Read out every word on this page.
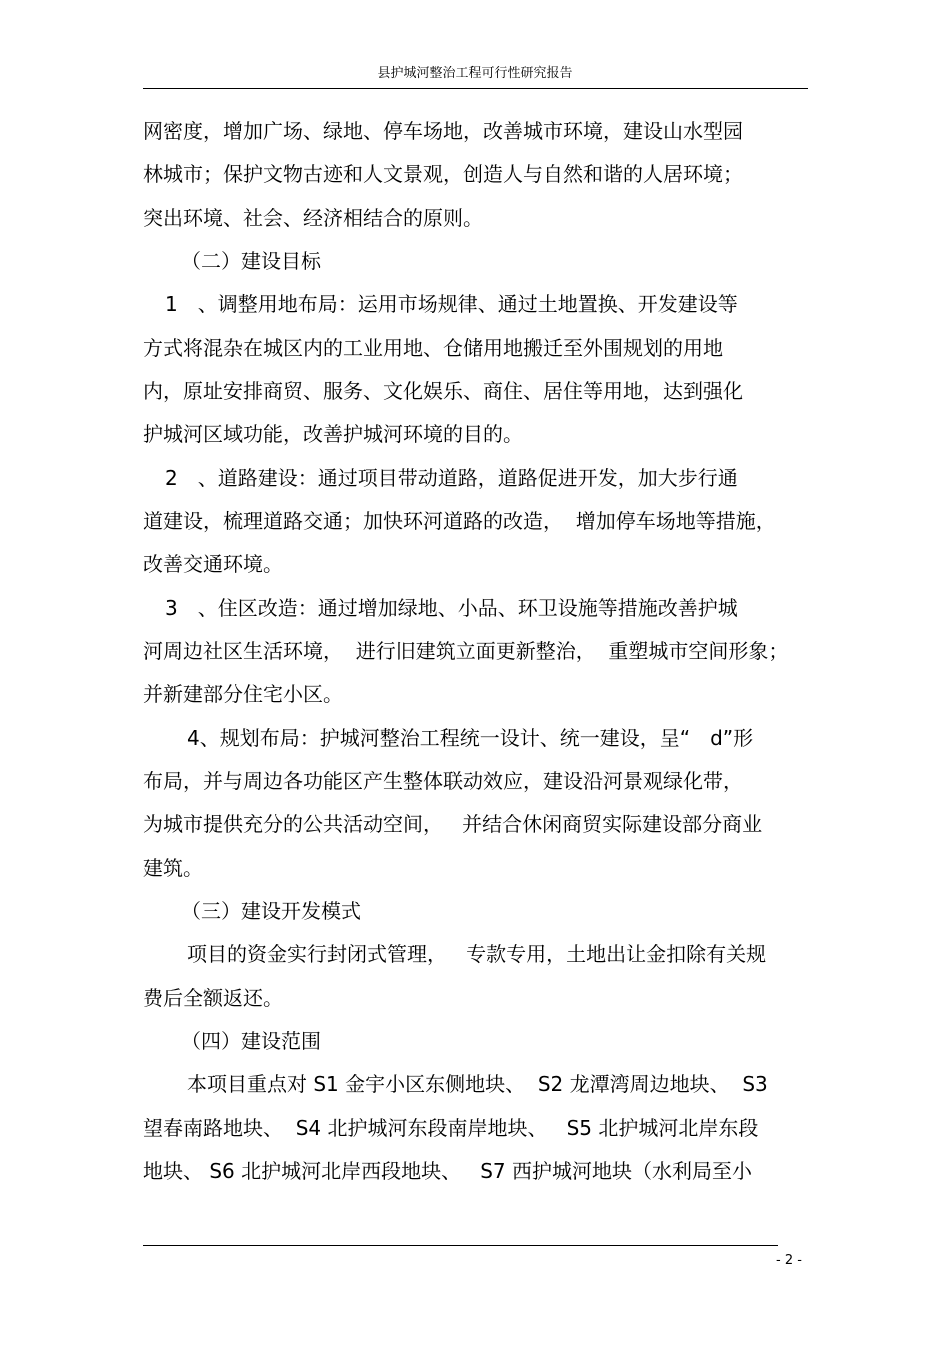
县护城河整治工程可行性研究报告
网密度，增加广场、绿地、停车场地，改善城市环境，建设山水型园
林城市；保护文物古迹和人文景观，创造人与自然和谐的人居环境；
突出环境、社会、经济相结合的原则。
（二）建设目标
1　、调整用地布局：运用市场规律、通过土地置换、开发建设等
方式将混杂在城区内的工业用地、仓储用地搬迁至外围规划的用地
内，原址安排商贸、服务、文化娱乐、商住、居住等用地，达到强化
护城河区域功能，改善护城河环境的目的。
2　、道路建设：通过项目带动道路，道路促进开发，加大步行通
道建设，梳理道路交通；加快环河道路的改造，  增加停车场地等措施，
改善交通环境。
3　、住区改造：通过增加绿地、小品、环卫设施等措施改善护城
河周边社区生活环境，  进行旧建筑立面更新整治，  重塑城市空间形象；
并新建部分住宅小区。
4、规划布局：护城河整治工程统一设计、统一建设，呈“　d”形
布局，并与周边各功能区产生整体联动效应，建设沿河景观绿化带，
为城市提供充分的公共活动空间，   并结合休闲商贸实际建设部分商业
建筑。
（三）建设开发模式
项目的资金实行封闭式管理，   专款专用，土地出让金扣除有关规
费后全额返还。
（四）建设范围
本项目重点对 S1 金宇小区东侧地块、  S2 龙潭湾周边地块、  S3
望春南路地块、  S4 北护城河东段南岸地块、   S5 北护城河北岸东段
地块、 S6 北护城河北岸西段地块、   S7 西护城河地块（水利局至小
- 2 -
